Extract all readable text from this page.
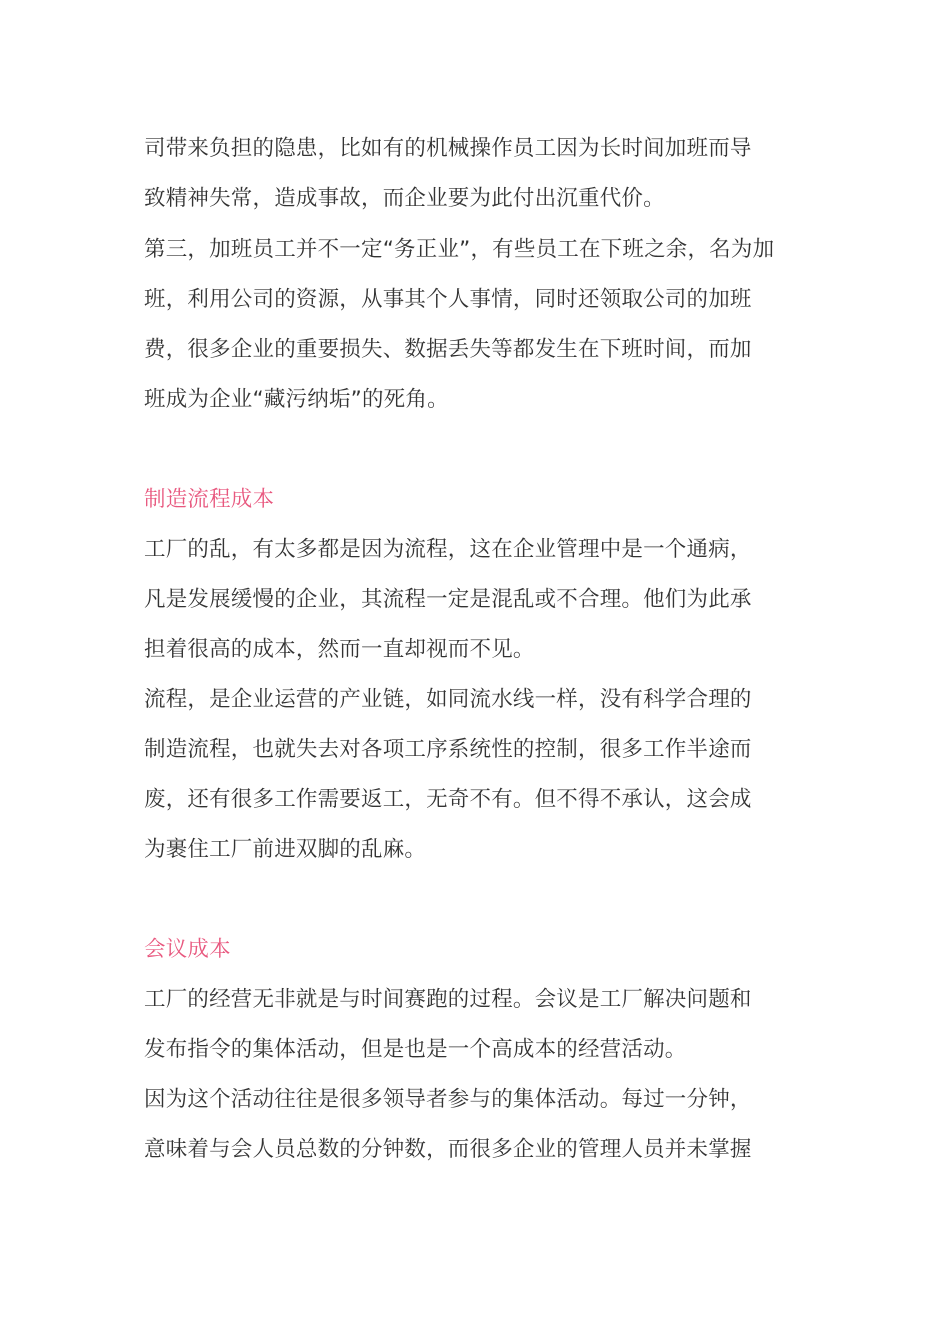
司带来负担的隐患，比如有的机械操作员工因为长时间加班而导
致精神失常，造成事故，而企业要为此付出沉重代价。
第三，加班员工并不一定“务正业”，有些员工在下班之余，名为加
班，利用公司的资源，从事其个人事情，同时还领取公司的加班
费，很多企业的重要损失、数据丢失等都发生在下班时间，而加
班成为企业“藏污纳垢”的死角。
制造流程成本
工厂的乱，有太多都是因为流程，这在企业管理中是一个通病，
凡是发展缓慢的企业，其流程一定是混乱或不合理。他们为此承
担着很高的成本，然而一直却视而不见。
流程，是企业运营的产业链，如同流水线一样，没有科学合理的
制造流程，也就失去对各项工序系统性的控制，很多工作半途而
废，还有很多工作需要返工，无奇不有。但不得不承认，这会成
为裹住工厂前进双脚的乱麻。
会议成本
工厂的经营无非就是与时间赛跑的过程。会议是工厂解决问题和
发布指令的集体活动，但是也是一个高成本的经营活动。
因为这个活动往往是很多领导者参与的集体活动。每过一分钟，
意味着与会人员总数的分钟数，而很多企业的管理人员并未掌握
